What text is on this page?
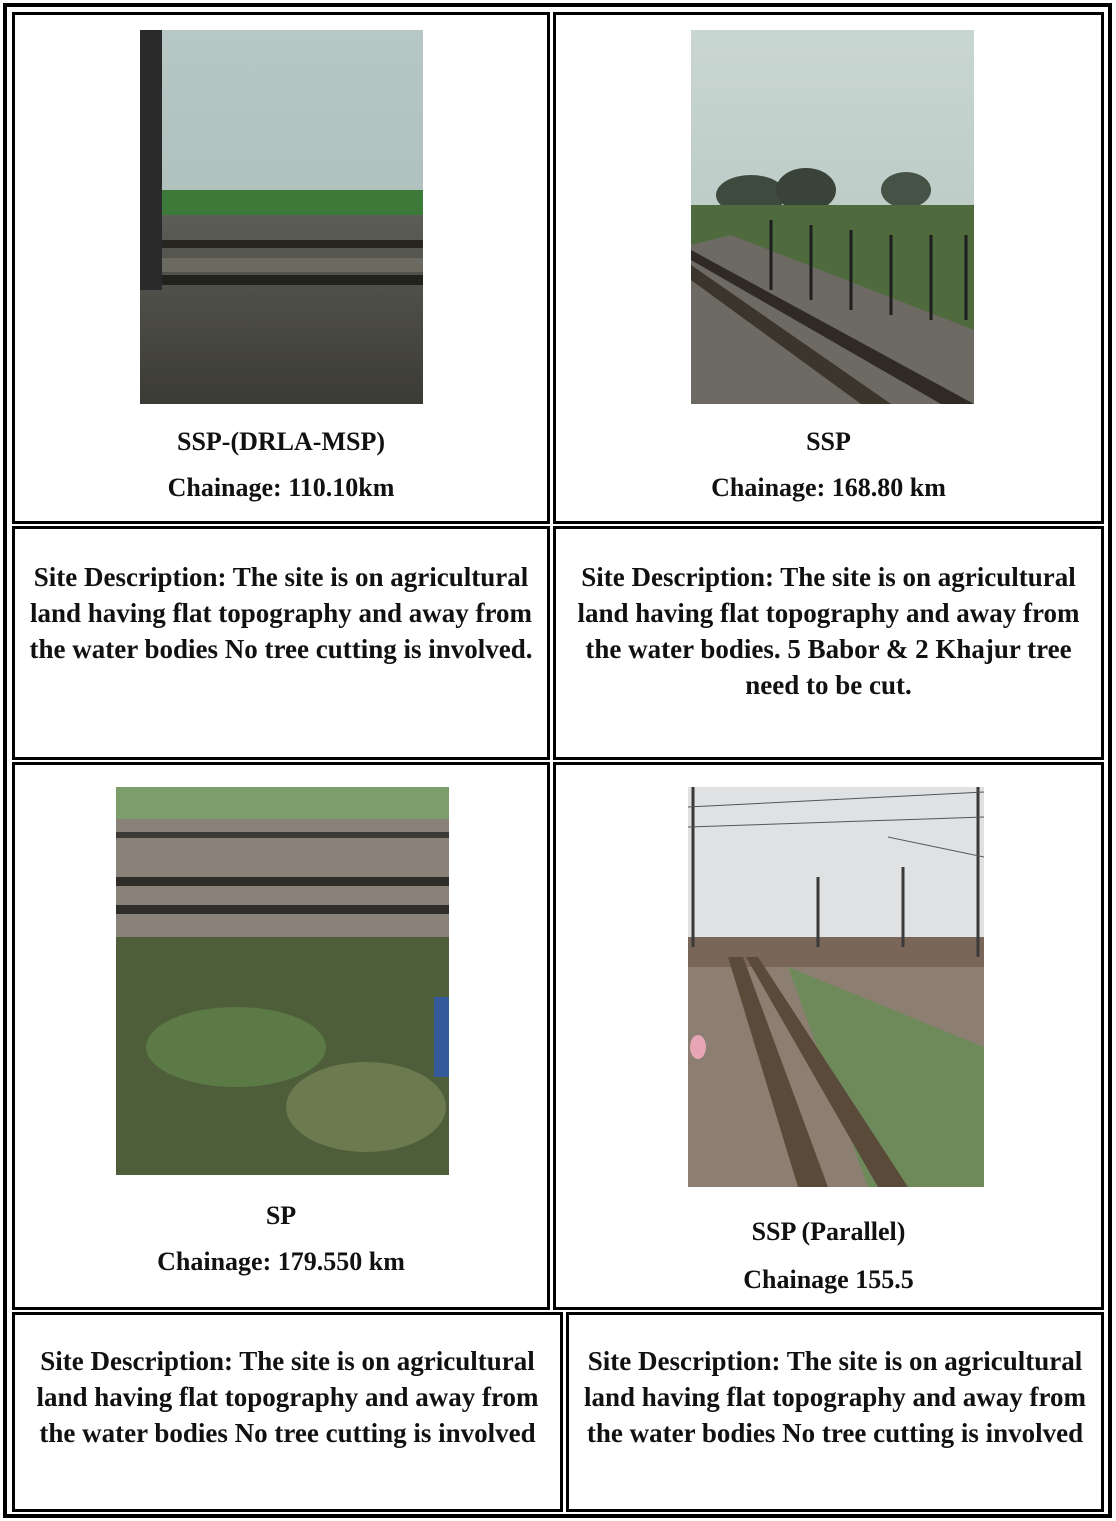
SSP-(DRLA-MSP)
Chainage: 110.10km
SSP
Chainage: 168.80 km
Site Description: The site is on agricultural land having flat topography and away from the water bodies No tree cutting is involved.
Site Description: The site is on agricultural land having flat topography and away from the water bodies. 5 Babor & 2 Khajur tree need to be cut.
SP
Chainage: 179.550 km
SSP (Parallel)
Chainage 155.5
Site Description: The site is on agricultural land having flat topography and away from the water bodies No tree cutting is involved
Site Description: The site is on agricultural land having flat topography and away from the water bodies No tree cutting is involved
